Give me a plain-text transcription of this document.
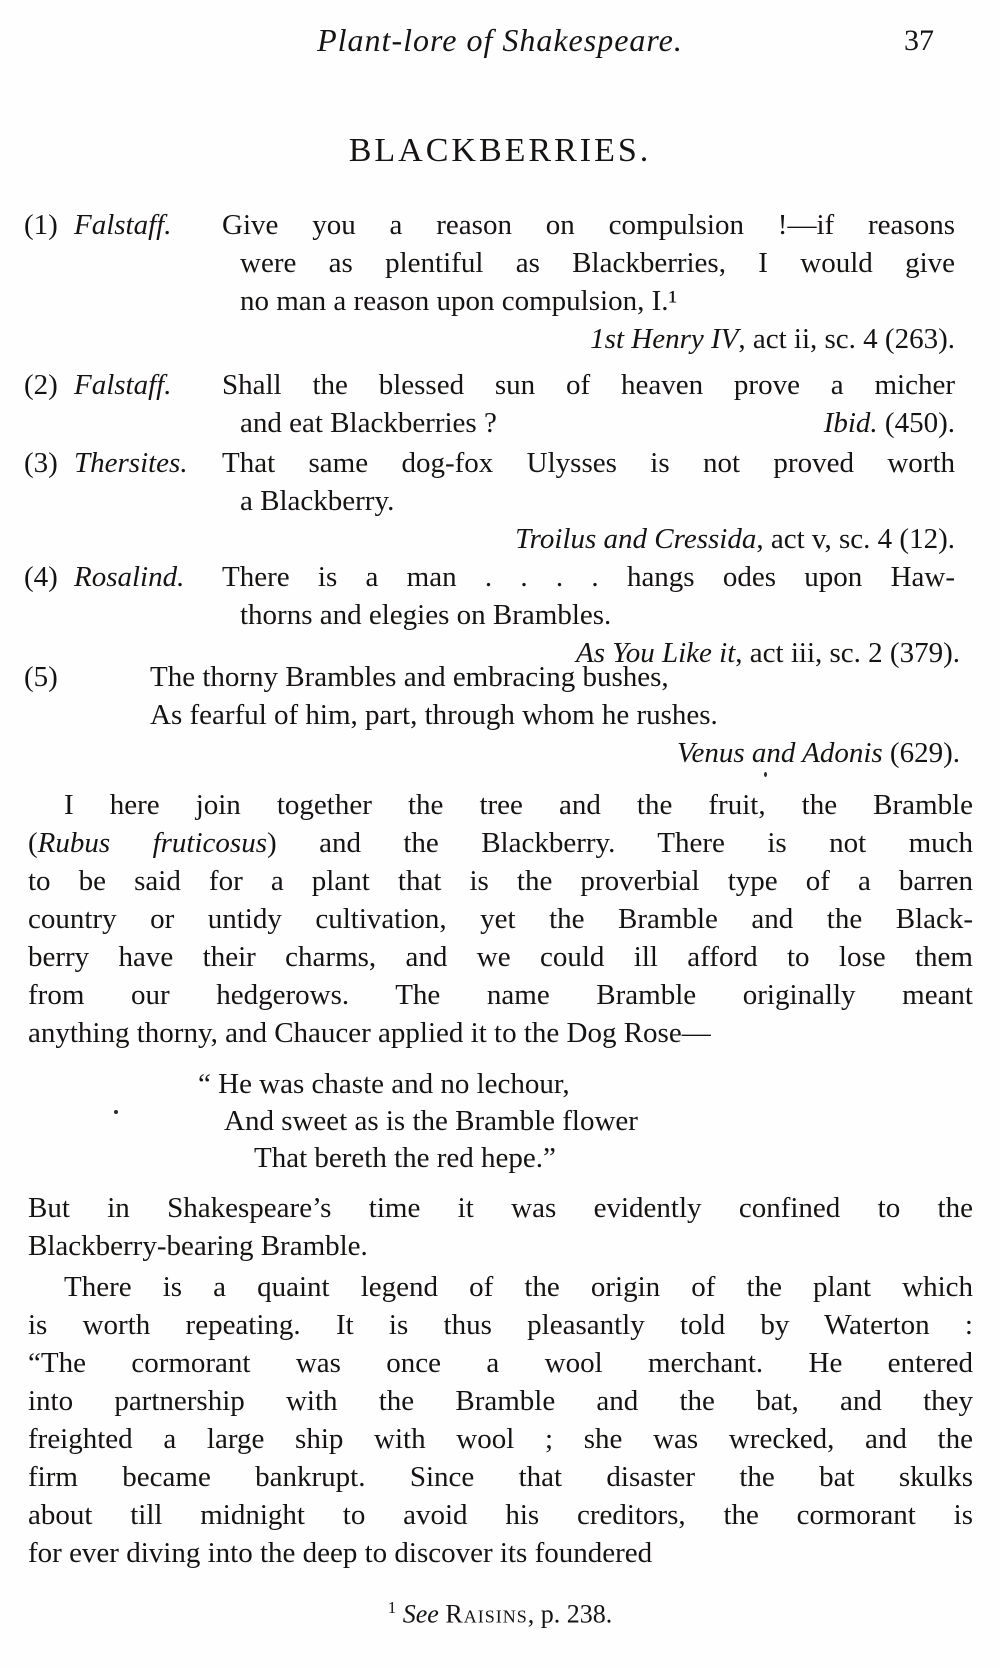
Plant-lore of Shakespeare.	37
BLACKBERRIES.
(1) Falstaff. Give you a reason on compulsion !—if reasons
were as plentiful as Blackberries, I would give
no man a reason upon compulsion, I.¹
1st Henry IV, act ii, sc. 4 (263).
(2) Falstaff. Shall the blessed sun of heaven prove a micher
and eat Blackberries ?	Ibid. (450).
(3) Thersites. That same dog-fox Ulysses is not proved worth
a Blackberry.
Troilus and Cressida, act v, sc. 4 (12).
(4) Rosalind. There is a man . . . . hangs odes upon Haw-
thorns and elegies on Brambles.
As You Like it, act iii, sc. 2 (379).
(5)	The thorny Brambles and embracing bushes,
As fearful of him, part, through whom he rushes.
Venus and Adonis (629).
I here join together the tree and the fruit, the Bramble
(Rubus fruticosus) and the Blackberry. There is not much
to be said for a plant that is the proverbial type of a barren
country or untidy cultivation, yet the Bramble and the Black-
berry have their charms, and we could ill afford to lose them
from our hedgerows. The name Bramble originally meant
anything thorny, and Chaucer applied it to the Dog Rose—
“ He was chaste and no lechour,
And sweet as is the Bramble flower
That bereth the red hepe.”
But in Shakespeare’s time it was evidently confined to the
Blackberry-bearing Bramble.
There is a quaint legend of the origin of the plant which
is worth repeating. It is thus pleasantly told by Waterton :
“The cormorant was once a wool merchant. He entered
into partnership with the Bramble and the bat, and they
freighted a large ship with wool ; she was wrecked, and the
firm became bankrupt. Since that disaster the bat skulks
about till midnight to avoid his creditors, the cormorant is
for ever diving into the deep to discover its foundered
$^1$ See Raisins, p. 238.
